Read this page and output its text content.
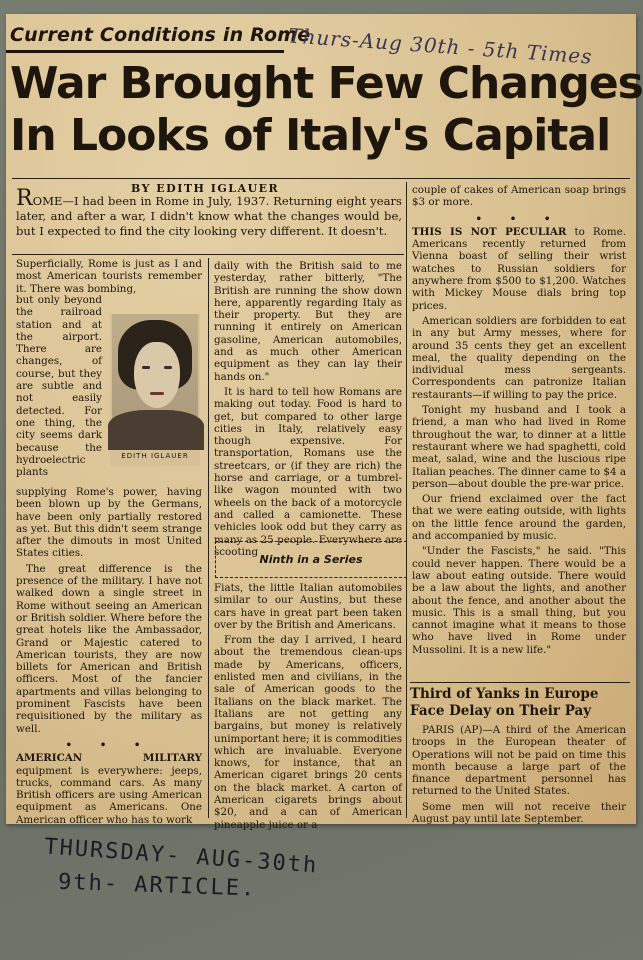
Current Conditions in Rome
Thurs-Aug 30th - 5th Times
War Brought Few Changes
In Looks of Italy's Capital
BY EDITH IGLAUER
ROME—I had been in Rome in July, 1937. Returning eight years later, and after a war, I didn't know what the changes would be, but I expected to find the city looking very different. It doesn't.

Superficially, Rome is just as I and most American tourists remember it. There was bombing,

but only beyond the railroad station and at the airport. There are changes, of course, but they are subtle and not easily detected. For one thing, the city seems dark because the hydroelectric plants

EDITH IGLAUER

supplying Rome's power, having been blown up by the Germans, have been only partially restored as yet. But this didn't seem strange after the dimouts in most United States cities.

The great difference is the presence of the military. I have not walked down a single street in Rome without seeing an American or British soldier. Where before the great hotels like the Ambassador, Grand or Majestic catered to American tourists, they are now billets for American and British officers. Most of the fancier apartments and villas belonging to prominent Fascists have been requisitioned by the military as well.

• • •

AMERICAN MILITARY equipment is everywhere: jeeps, trucks, command cars. As many British officers are using American equipment as Americans. One American officer who has to work

daily with the British said to me yesterday, rather bitterly, "The British are running the show down here, apparently regarding Italy as their property. But they are running it entirely on American gasoline, American automobiles, and as much other American equipment as they can lay their hands on."

It is hard to tell how Romans are making out today. Food is hard to get, but compared to other large cities in Italy, relatively easy though expensive. For transportation, Romans use the streetcars, or (if they are rich) the horse and carriage, or a tumbrel-like wagon mounted with two wheels on the back of a motorcycle and called a camionette. These vehicles look odd but they carry as many as 25 people. Everywhere are scooting

Ninth in a Series

Fiats, the little Italian automobiles similar to our Austins, but these cars have in great part been taken over by the British and Americans.

From the day I arrived, I heard about the tremendous clean-ups made by Americans, officers, enlisted men and civilians, in the sale of American goods to the Italians on the black market. The Italians are not getting any bargains, but money is relatively unimportant here; it is commodities which are invaluable. Everyone knows, for instance, that an American cigaret brings 20 cents on the black market. A carton of American cigarets brings about $20, and a can of American pineapple juice or a

couple of cakes of American soap brings $3 or more.

• • •

THIS IS NOT PECULIAR to Rome. Americans recently returned from Vienna boast of selling their wrist watches to Russian soldiers for anywhere from $500 to $1,200. Watches with Mickey Mouse dials bring top prices.

American soldiers are forbidden to eat in any but Army messes, where for around 35 cents they get an excellent meal, the quality depending on the individual mess sergeants. Correspondents can patronize Italian restaurants—if willing to pay the price.

Tonight my husband and I took a friend, a man who had lived in Rome throughout the war, to dinner at a little restaurant where we had spaghetti, cold meat, salad, wine and the luscious ripe Italian peaches. The dinner came to $4 a person—about double the pre-war price.

Our friend exclaimed over the fact that we were eating outside, with lights on the little fence around the garden, and accompanied by music.

"Under the Fascists," he said. "This could never happen. There would be a law about eating outside. There would be a law about the lights, and another about the fence, and another about the music. This is a small thing, but you cannot imagine what it means to those who have lived in Rome under Mussolini. It is a new life."

Third of Yanks in Europe Face Delay on Their Pay

PARIS (AP)—A third of the American troops in the European theater of Operations will not be paid on time this month because a large part of the finance department personnel has returned to the United States.

Some men will not receive their August pay until late September.

THURSDAY- AUG-30th
9th- ARTICLE.
